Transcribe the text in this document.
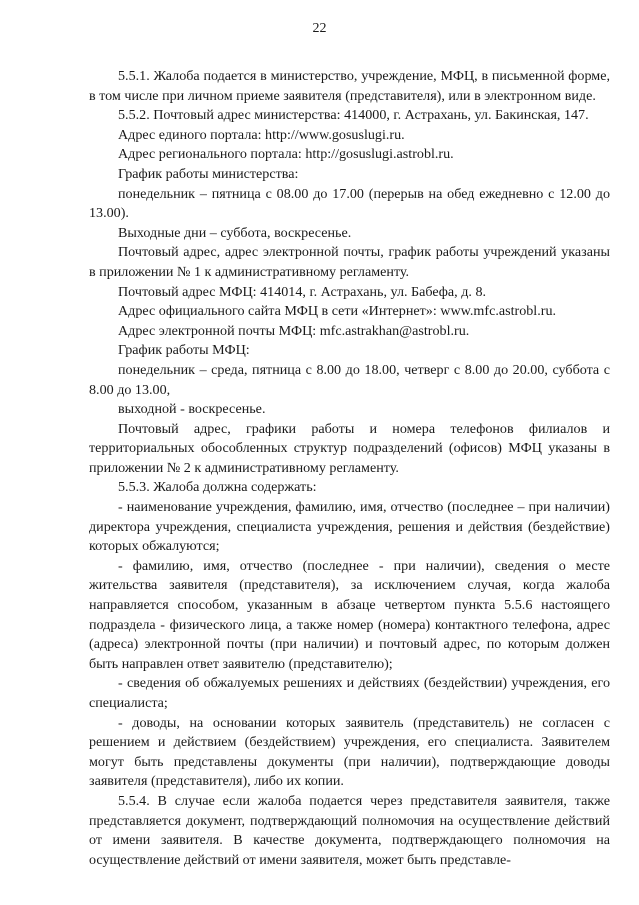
22

5.5.1. Жалоба подается в министерство, учреждение, МФЦ, в письменной форме, в том числе при личном приеме заявителя (представителя), или в электронном виде.

5.5.2. Почтовый адрес министерства: 414000, г. Астрахань, ул. Бакинская, 147.

Адрес единого портала: http://www.gosuslugi.ru.

Адрес регионального портала: http://gosuslugi.astrobl.ru.

График работы министерства:

понедельник – пятница с 08.00 до 17.00 (перерыв на обед ежедневно с 12.00 до 13.00).

Выходные дни – суббота, воскресенье.

Почтовый адрес, адрес электронной почты, график работы учреждений указаны в приложении № 1 к административному регламенту.

Почтовый адрес МФЦ: 414014, г. Астрахань, ул. Бабефа, д. 8.

Адрес официального сайта МФЦ в сети «Интернет»: www.mfc.astrobl.ru.

Адрес электронной почты МФЦ: mfc.astrakhan@astrobl.ru.

График работы МФЦ:

понедельник – среда, пятница с 8.00 до 18.00, четверг с 8.00 до 20.00, суббота с 8.00 до 13.00,

выходной - воскресенье.

Почтовый адрес, графики работы и номера телефонов филиалов и территориальных обособленных структур подразделений (офисов) МФЦ указаны в приложении № 2 к административному регламенту.

5.5.3. Жалоба должна содержать:

- наименование учреждения, фамилию, имя, отчество (последнее – при наличии) директора учреждения, специалиста учреждения, решения и действия (бездействие) которых обжалуются;

- фамилию, имя, отчество (последнее - при наличии), сведения о месте жительства заявителя (представителя), за исключением случая, когда жалоба направляется способом, указанным в абзаце четвертом пункта 5.5.6 настоящего подраздела - физического лица, а также номер (номера) контактного телефона, адрес (адреса) электронной почты (при наличии) и почтовый адрес, по которым должен быть направлен ответ заявителю (представителю);

- сведения об обжалуемых решениях и действиях (бездействии) учреждения, его специалиста;

- доводы, на основании которых заявитель (представитель) не согласен с решением и действием (бездействием) учреждения, его специалиста. Заявителем могут быть представлены документы (при наличии), подтверждающие доводы заявителя (представителя), либо их копии.

5.5.4. В случае если жалоба подается через представителя заявителя, также представляется документ, подтверждающий полномочия на осуществление действий от имени заявителя. В качестве документа, подтверждающего полномочия на осуществление действий от имени заявителя, может быть представле-
